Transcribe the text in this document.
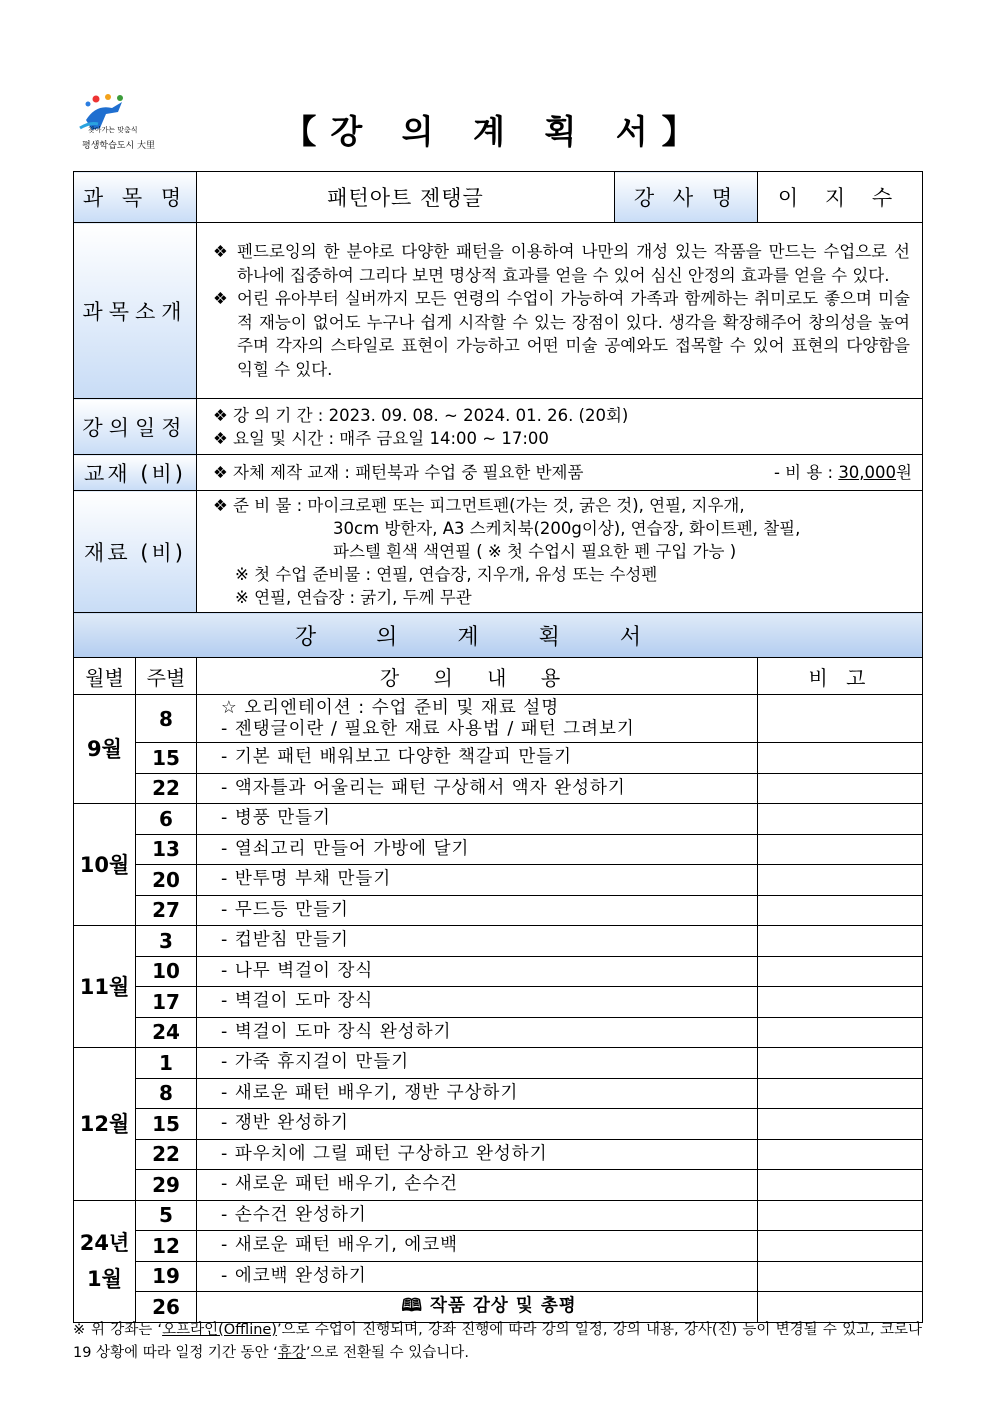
찾아가는 맞춤식
평생학습도시 大里	【강 의 계 획 서】
과 목 명		패턴아트 젠탱글	강 사 명	이 지 수
과목소개		❖ 펜드로잉의 한 분야로 다양한 패턴을 이용하여 나만의 개성 있는 작품을 만드는 수업으로 선 하나에 집중하여 그리다 보면 명상적 효과를 얻을 수 있어 심신 안정의 효과를 얻을 수 있다.
❖ 어린 유아부터 실버까지 모든 연령의 수업이 가능하여 가족과 함께하는 취미로도 좋으며 미술적 재능이 없어도 누구나 쉽게 시작할 수 있는 장점이 있다. 생각을 확장해주어 창의성을 높여주며 각자의 스타일로 표현이 가능하고 어떤 미술 공예와도 접목할 수 있어 표현의 다양함을 익힐 수 있다.		

강의일정		❖ 강 의 기 간 : 2023. 09. 08. ~ 2024. 01. 26. (20회)
❖ 요일 및 시간 : 매주 금요일 14:00 ~ 17:00		

교재 (비)		❖ 자체 제작 교재 : 패턴북과 수업 중 필요한 반제품 - 비 용 : 30,000원		

재료 (비)		❖ 준 비 물 : 마이크로펜 또는 피그먼트펜(가는 것, 굵은 것), 연필, 지우개,
30cm 방한자, A3 스케치북(200g이상), 연습장, 화이트펜, 찰필,
파스텔 흰색 색연필 ( ※ 첫 수업시 필요한 펜 구입 가능 )
※ 첫 수업 준비물 : 연필, 연습장, 지우개, 유성 또는 수성펜
※ 연필, 연습장 : 굵기, 두께 무관		

강의계획서				
월별	주별	강 의 내 용		비 고
9월	8	☆ 오리엔테이션 : 수업 준비 및 재료 설명
- 젠탱글이란 / 필요한 재료 사용법 / 패턴 그려보기		

	15	- 기본 패턴 배워보고 다양한 책갈피 만들기		

	22	- 액자틀과 어울리는 패턴 구상해서 액자 완성하기		

10월	6	- 병풍 만들기		

	13	- 열쇠고리 만들어 가방에 달기		

	20	- 반투명 부채 만들기		

	27	- 무드등 만들기		

11월	3	- 컵받침 만들기		

	10	- 나무 벽걸이 장식		

	17	- 벽걸이 도마 장식		

	24	- 벽걸이 도마 장식 완성하기		

12월	1	- 가죽 휴지걸이 만들기		

	8	- 새로운 패턴 배우기, 쟁반 구상하기		

	15	- 쟁반 완성하기		

	22	- 파우치에 그릴 패턴 구상하고 완성하기		

	29	- 새로운 패턴 배우기, 손수건		

24년
1월	5	- 손수건 완성하기		

	12	- 새로운 패턴 배우기, 에코백		

	19	- 에코백 완성하기		

	26	🕮 작품 감상 및 총평		

※ 위 강좌는 ‘오프라인(Offline)’으로 수업이 진행되며, 강좌 진행에 따라 강의 일정, 강의 내용, 강사(진) 등이 변경될 수 있고, 코로나19 상황에 따라 일정 기간 동안 ‘휴강’으로 전환될 수 있습니다.
